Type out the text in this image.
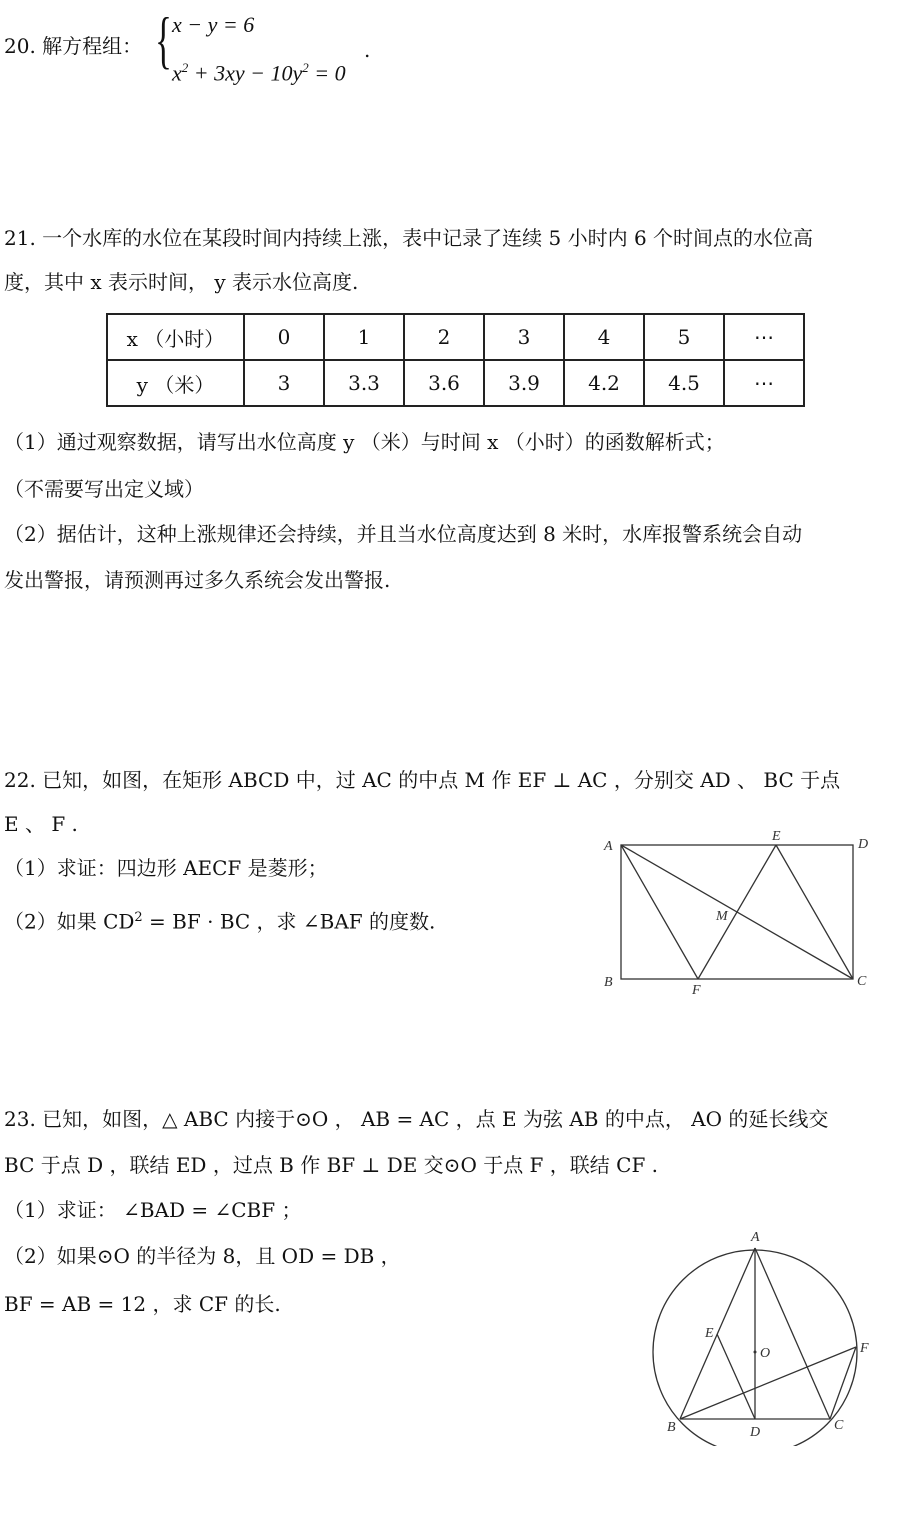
20. 解方程组： { x − y = 6
$x^2 + 3xy - 10y^2 = 0$
.
21. 一个水库的水位在某段时间内持续上涨，表中记录了连续 5 小时内 6 个时间点的水位高
度，其中 x 表示时间， y 表示水位高度.
x （小时）	0	1	2	3	4	5	⋯
y （米）	3	3.3	3.6	3.9	4.2	4.5	⋯
（1）通过观察数据，请写出水位高度 y （米）与时间 x （小时）的函数解析式；
（不需要写出定义域）
（2）据估计，这种上涨规律还会持续，并且当水位高度达到 8 米时，水库报警系统会自动
发出警报，请预测再过多久系统会发出警报.
22. 已知，如图，在矩形 ABCD 中，过 AC 的中点 M 作 EF ⊥ AC ，分别交 AD 、 BC 于点
E 、 F .
（1）求证：四边形 AECF 是菱形；
（2）如果 $CD^2$ = BF · BC ，求 ∠BAF 的度数.
A
E
D
M
B
F
C
23. 已知，如图，△ ABC 内接于⊙O ， AB = AC ，点 E 为弦 AB 的中点， AO 的延长线交
BC 于点 D ，联结 ED ，过点 B 作 BF ⊥ DE 交⊙O 于点 F ，联结 CF .
（1）求证： ∠BAD = ∠CBF ；
（2）如果⊙O 的半径为 8，且 OD = DB ，
BF = AB = 12 ，求 CF 的长.
A
E
O	F
B	D	C
